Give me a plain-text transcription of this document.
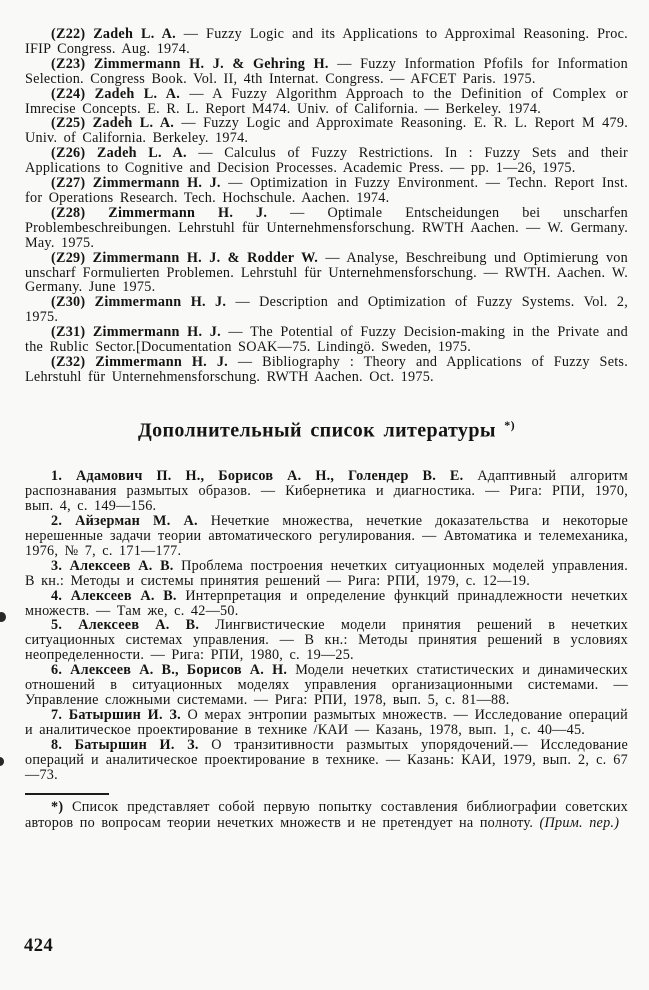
(Z22) Zadeh L. A. — Fuzzy Logic and its Applications to Approximal Reasoning. Proc. IFIP Congress. Aug. 1974.

(Z23) Zimmermann H. J. & Gehring H. — Fuzzy Information Pfofils for Information Selection. Congress Book. Vol. II, 4th Internat. Congress. — AFCET Paris. 1975.

(Z24) Zadeh L. A. — A Fuzzy Algorithm Approach to the Definition of Complex or Imrecise Concepts. E. R. L. Report M474. Univ. of California. — Berkeley. 1974.

(Z25) Zadeh L. A. — Fuzzy Logic and Approximate Reasoning. E. R. L. Report M 479. Univ. of California. Berkeley. 1974.

(Z26) Zadeh L. A. — Calculus of Fuzzy Restrictions. In : Fuzzy Sets and their Applications to Cognitive and Decision Processes. Academic Press. — pp. 1—26, 1975.

(Z27) Zimmermann H. J. — Optimization in Fuzzy Environment. — Techn. Report Inst. for Operations Research. Tech. Hochschule. Aachen. 1974.

(Z28) Zimmermann H. J. — Optimale Entscheidungen bei unscharfen Problembeschreibungen. Lehrstuhl für Unternehmensforschung. RWTH Aachen. — W. Germany. May. 1975.

(Z29) Zimmermann H. J. & Rodder W. — Analyse, Beschreibung und Optimierung von unscharf Formulierten Problemen. Lehrstuhl für Unternehmensforschung. — RWTH. Aachen. W. Germany. June 1975.

(Z30) Zimmermann H. J. — Description and Optimization of Fuzzy Systems. Vol. 2, 1975.

(Z31) Zimmermann H. J. — The Potential of Fuzzy Decision-making in the Private and the Rublic Sector.[Documentation SOAK—75. Lindingö. Sweden, 1975.

(Z32) Zimmermann H. J. — Bibliography : Theory and Applications of Fuzzy Sets. Lehrstuhl für Unternehmensforschung. RWTH Aachen. Oct. 1975.

Дополнительный список литературы *)

1. Адамович П. Н., Борисов А. Н., Голендер В. Е. Адаптивный алгоритм распознавания размытых образов. — Кибернетика и диагностика. — Рига: РПИ, 1970, вып. 4, с. 149—156.

2. Айзерман М. А. Нечеткие множества, нечеткие доказательства и некоторые нерешенные задачи теории автоматического регулирования. — Автоматика и телемеханика, 1976, № 7, с. 171—177.

3. Алексеев А. В. Проблема построения нечетких ситуационных моделей управления. В кн.: Методы и системы принятия решений — Рига: РПИ, 1979, с. 12—19.

4. Алексеев А. В. Интерпретация и определение функций принадлежности нечетких множеств. — Там же, с. 42—50.

5. Алексеев А. В. Лингвистические модели принятия решений в нечетких ситуационных системах управления. — В кн.: Методы принятия решений в условиях неопределенности. — Рига: РПИ, 1980, с. 19—25.

6. Алексеев А. В., Борисов А. Н. Модели нечетких статистических и динамических отношений в ситуационных моделях управления организационными системами. — Управление сложными системами. — Рига: РПИ, 1978, вып. 5, с. 81—88.

7. Батыршин И. З. О мерах энтропии размытых множеств. — Исследование операций и аналитическое проектирование в технике /КАИ — Казань, 1978, вып. 1, с. 40—45.

8. Батыршин И. З. О транзитивности размытых упорядочений.— Исследование операций и аналитическое проектирование в технике. — Казань: КАИ, 1979, вып. 2, с. 67—73.

*) Список представляет собой первую попытку составления библиографии советских авторов по вопросам теории нечетких множеств и не претендует на полноту. (Прим. пер.)

424
